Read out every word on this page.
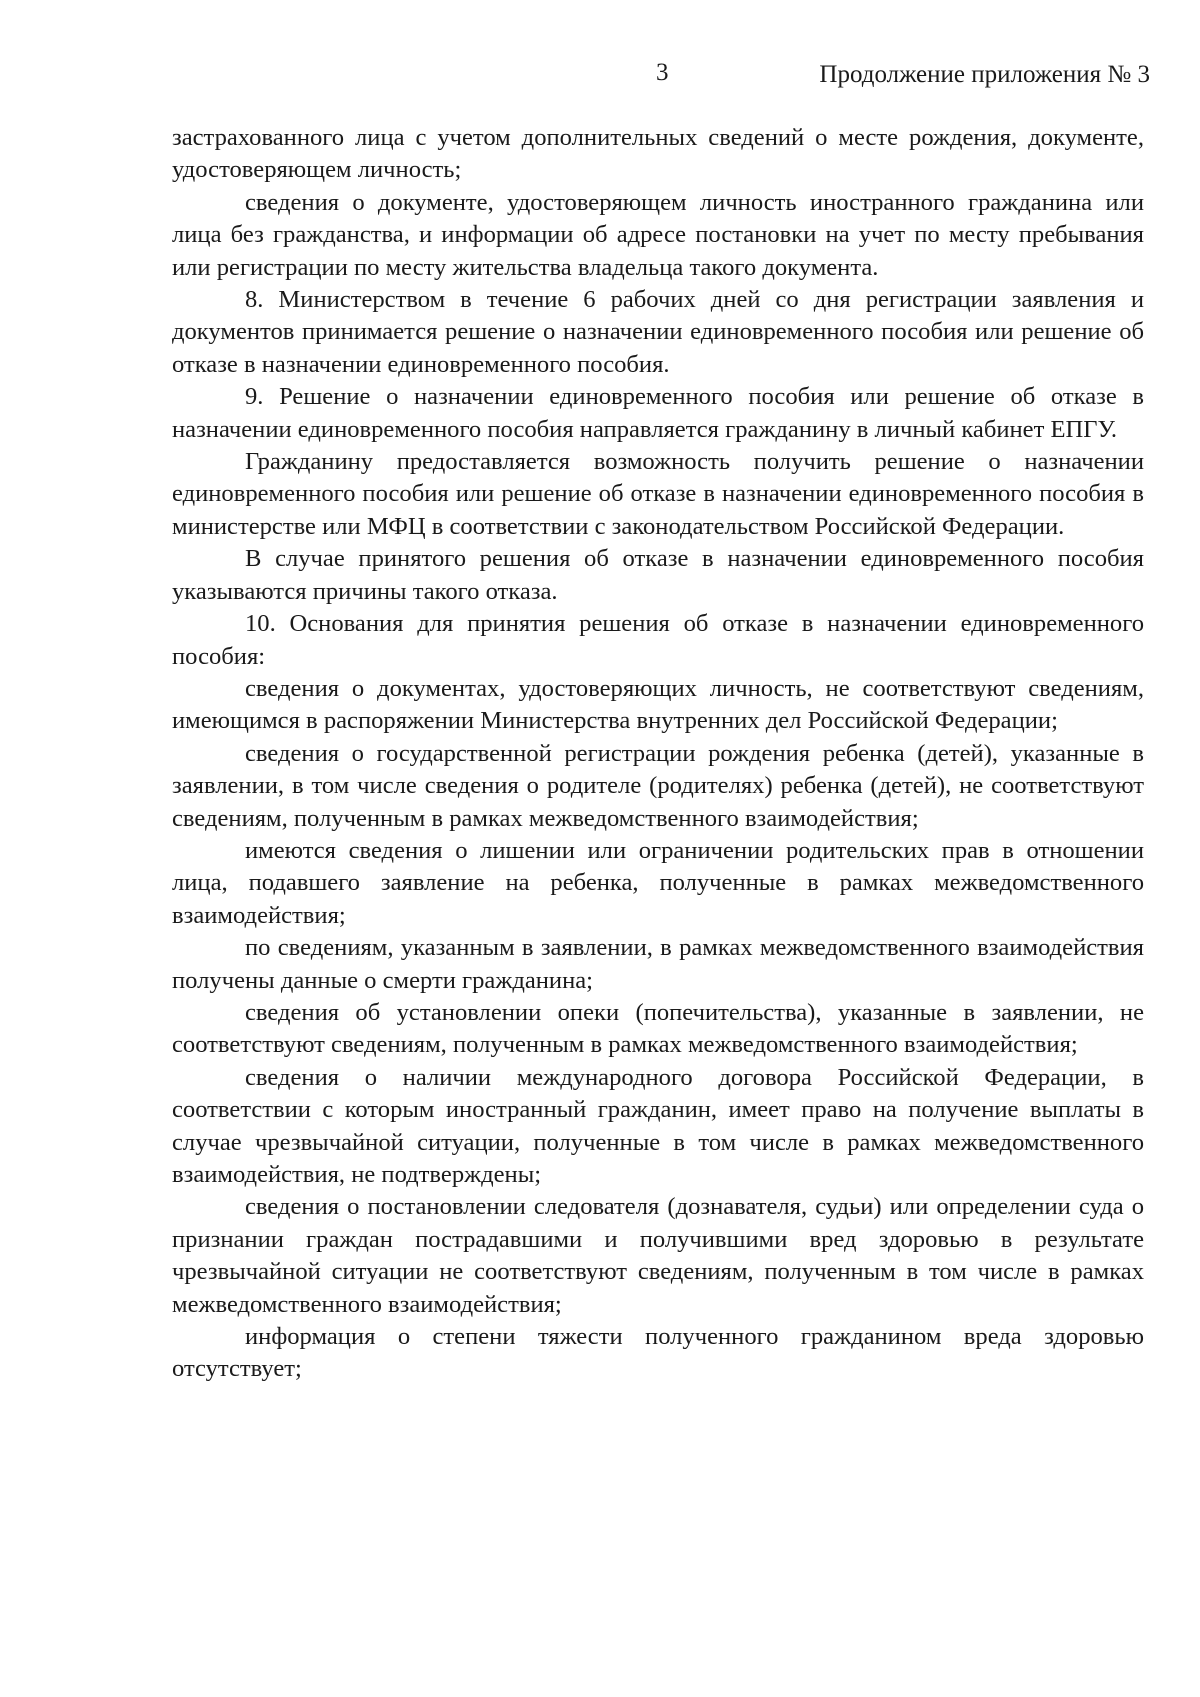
3	Продолжение приложения № 3

застрахованного лица с учетом дополнительных сведений о месте рождения, документе, удостоверяющем личность;

сведения о документе, удостоверяющем личность иностранного гражданина или лица без гражданства, и информации об адресе постановки на учет по месту пребывания или регистрации по месту жительства владельца такого документа.

8. Министерством в течение 6 рабочих дней со дня регистрации заявления и документов принимается решение о назначении единовременного пособия или решение об отказе в назначении единовременного пособия.

9. Решение о назначении единовременного пособия или решение об отказе в назначении единовременного пособия направляется гражданину в личный кабинет ЕПГУ.

Гражданину предоставляется возможность получить решение о назначении единовременного пособия или решение об отказе в назначении единовременного пособия в министерстве или МФЦ в соответствии с законодательством Российской Федерации.

В случае принятого решения об отказе в назначении единовременного пособия указываются причины такого отказа.

10. Основания для принятия решения об отказе в назначении единовременного пособия:

сведения о документах, удостоверяющих личность, не соответствуют сведениям, имеющимся в распоряжении Министерства внутренних дел Российской Федерации;

сведения о государственной регистрации рождения ребенка (детей), указанные в заявлении, в том числе сведения о родителе (родителях) ребенка (детей), не соответствуют сведениям, полученным в рамках межведомственного взаимодействия;

имеются сведения о лишении или ограничении родительских прав в отношении лица, подавшего заявление на ребенка, полученные в рамках межведомственного взаимодействия;

по сведениям, указанным в заявлении, в рамках межведомственного взаимодействия получены данные о смерти гражданина;

сведения об установлении опеки (попечительства), указанные в заявлении, не соответствуют сведениям, полученным в рамках межведомственного взаимодействия;

сведения о наличии международного договора Российской Федерации, в соответствии с которым иностранный гражданин, имеет право на получение выплаты в случае чрезвычайной ситуации, полученные в том числе в рамках межведомственного взаимодействия, не подтверждены;

сведения о постановлении следователя (дознавателя, судьи) или определении суда о признании граждан пострадавшими и получившими вред здоровью в результате чрезвычайной ситуации не соответствуют сведениям, полученным в том числе в рамках межведомственного взаимодействия;

информация о степени тяжести полученного гражданином вреда здоровью отсутствует;
